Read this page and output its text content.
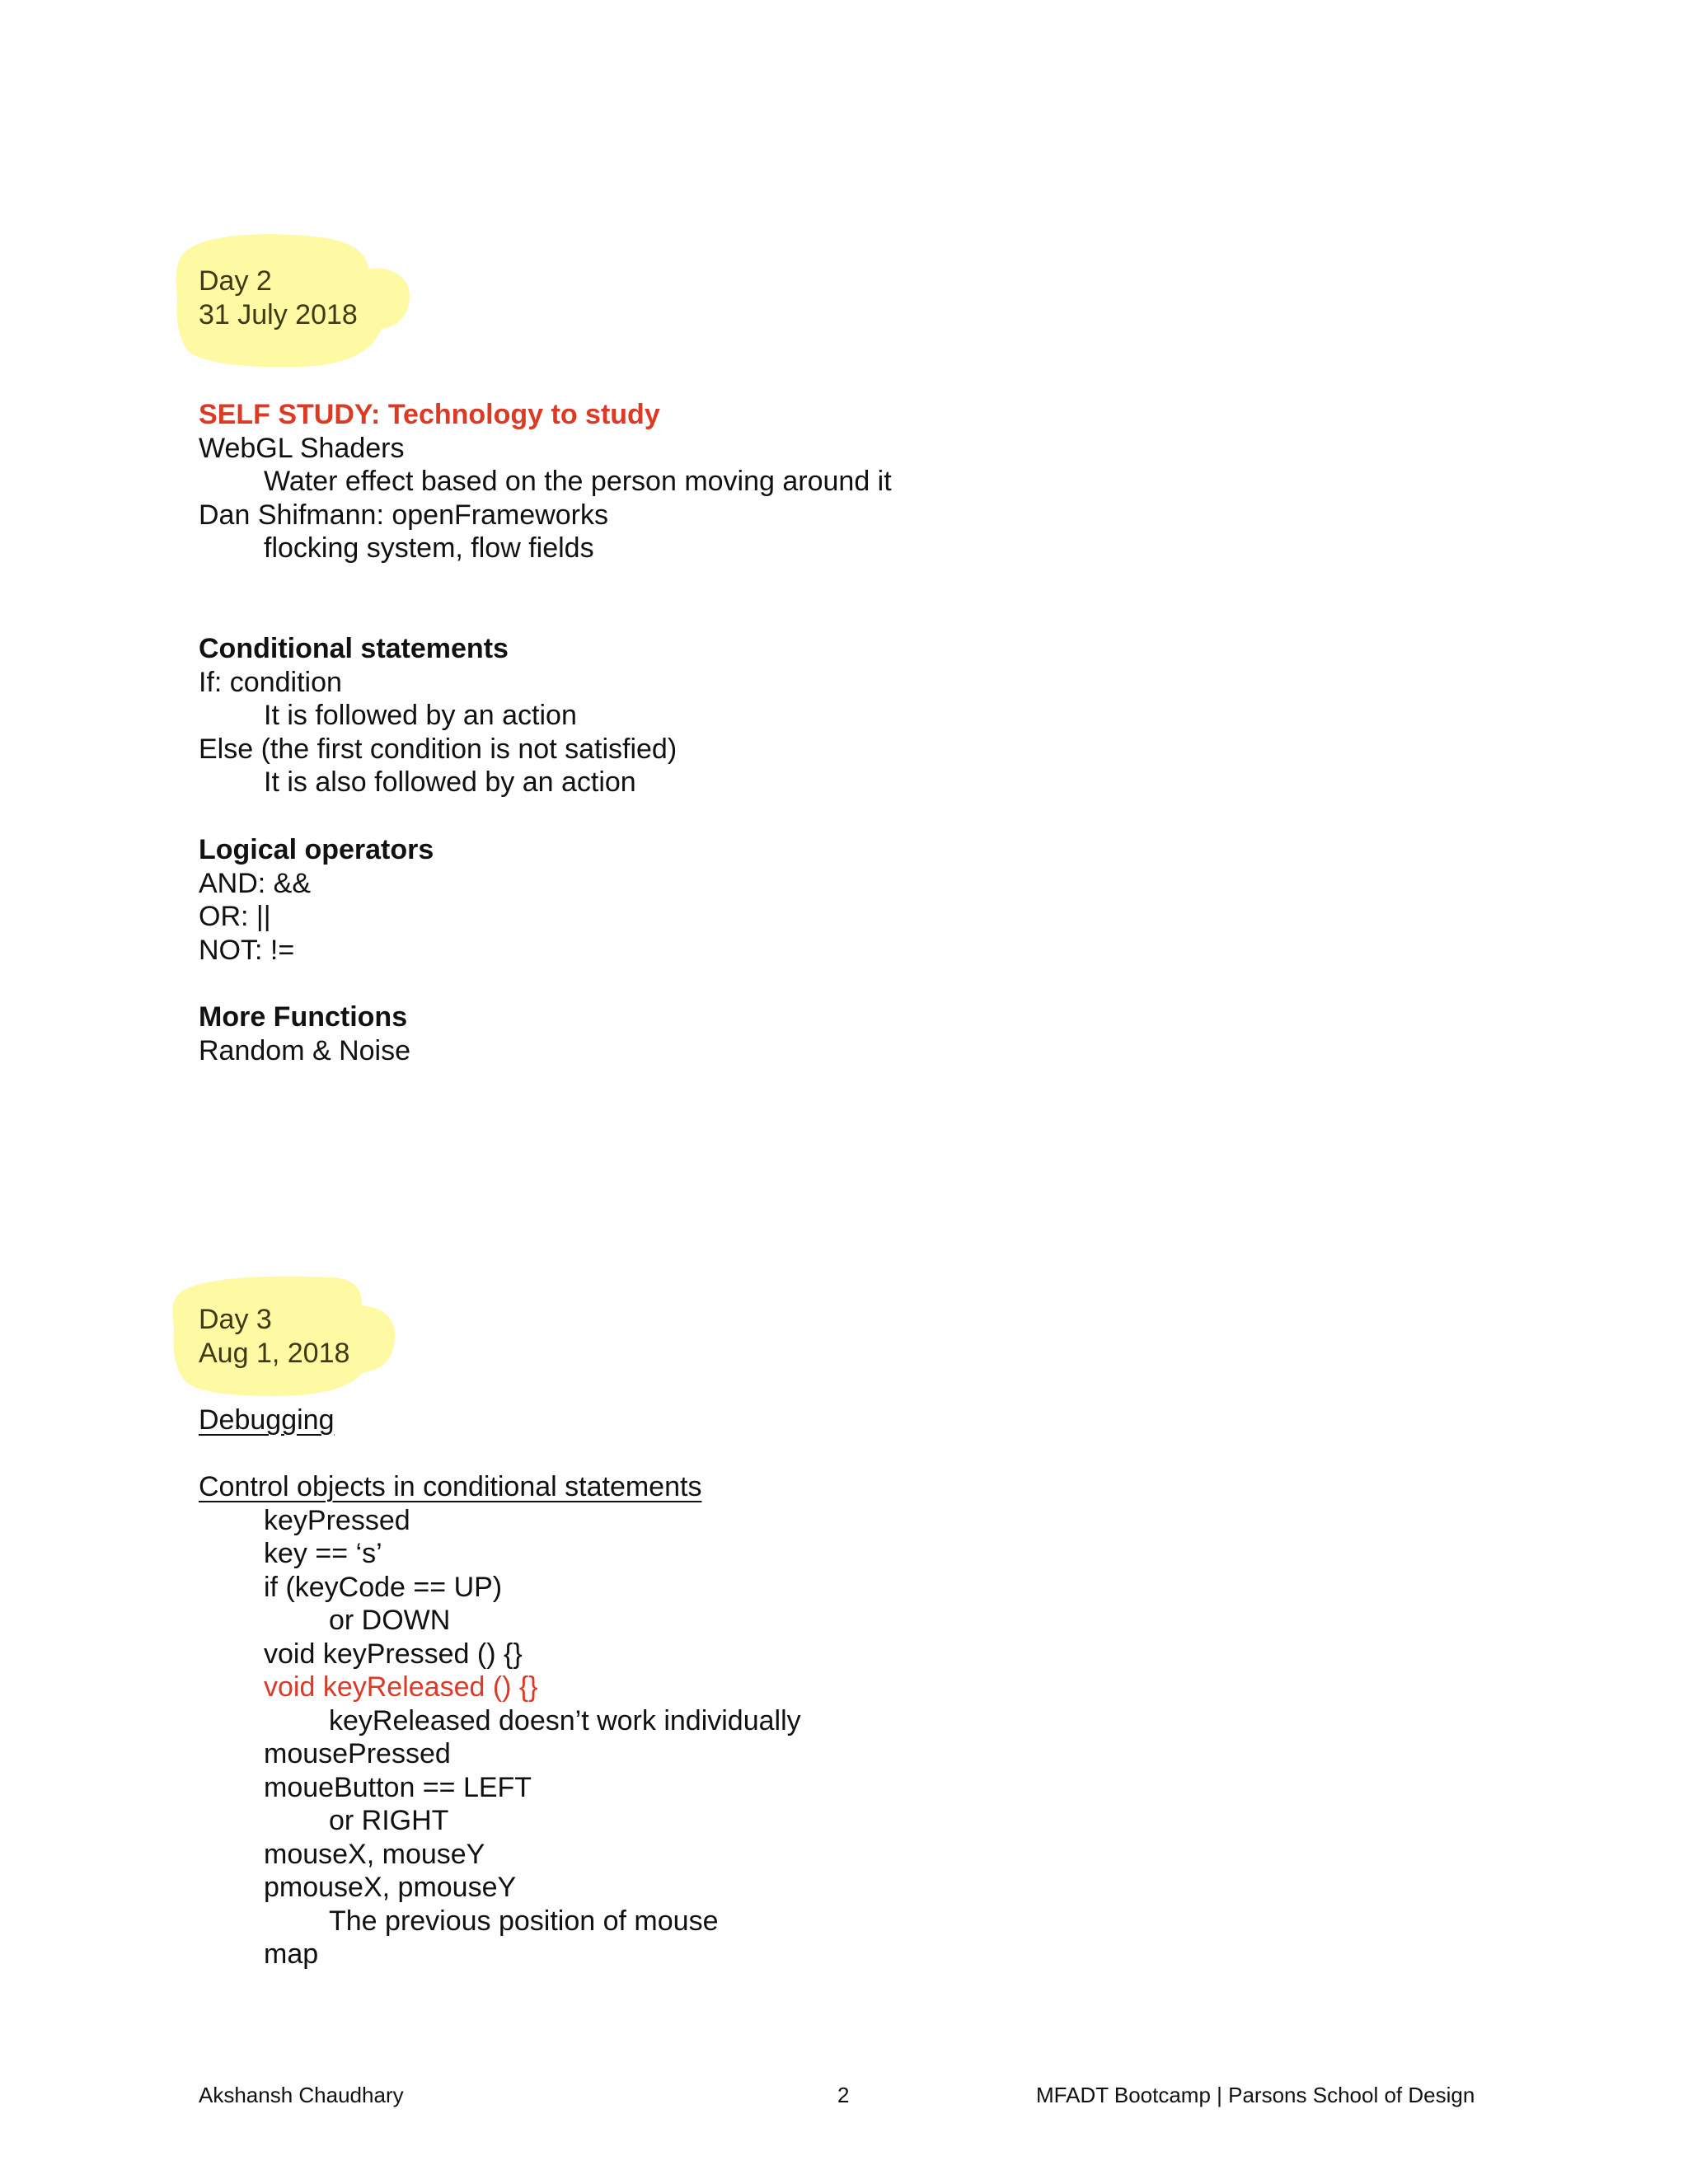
Day 2
31 July 2018
SELF STUDY: Technology to study
WebGL Shaders
Water effect based on the person moving around it
Dan Shifmann: openFrameworks
flocking system, flow fields
Conditional statements
If: condition
It is followed by an action
Else (the first condition is not satisfied)
It is also followed by an action
Logical operators
AND: &&
OR: ||
NOT: !=
More Functions
Random & Noise
Day 3
Aug 1, 2018
Debugging
Control objects in conditional statements
keyPressed
key == ‘s’
if (keyCode == UP)
or DOWN
void keyPressed () {}
void keyReleased () {}
keyReleased doesn’t work individually
mousePressed
moueButton == LEFT
or RIGHT
mouseX, mouseY
pmouseX, pmouseY
The previous position of mouse
map
Akshansh Chaudhary	2	MFADT Bootcamp | Parsons School of Design
